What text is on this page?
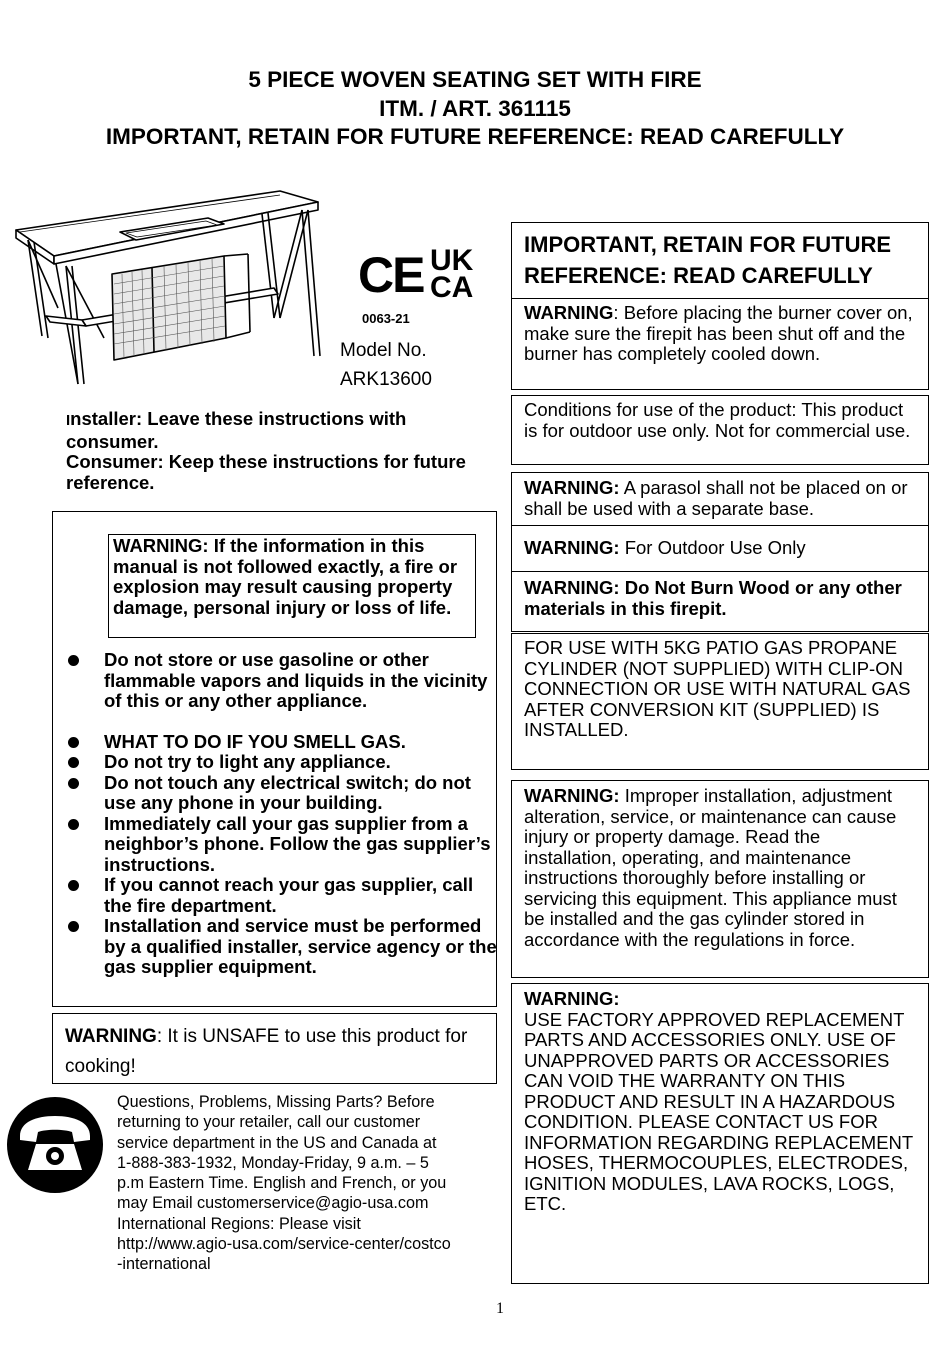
5 PIECE WOVEN SEATING SET WITH FIRE
ITM. / ART. 361115
IMPORTANT, RETAIN FOR FUTURE REFERENCE: READ CAREFULLY
CE UK
CA
0063-21
Model No.
ARK13600
Installer: Leave these instructions with consumer.
Consumer: Keep these instructions for future reference.
WARNING: If the information in this manual is not followed exactly, a fire or explosion may result causing property damage, personal injury or loss of life.
Do not store or use gasoline or other flammable vapors and liquids in the vicinity of this or any other appliance.
WHAT TO DO IF YOU SMELL GAS.
Do not try to light any appliance.
Do not touch any electrical switch; do not use any phone in your building.
Immediately call your gas supplier from a neighbor’s phone. Follow the gas supplier’s instructions.
If you cannot reach your gas supplier, call the fire department.
Installation and service must be performed by a qualified installer, service agency or the gas supplier equipment.
WARNING: It is UNSAFE to use this product for cooking!
Questions, Problems, Missing Parts? Before
returning to your retailer, call our customer
service department in the US and Canada at
1-888-383-1932, Monday-Friday, 9 a.m. – 5
p.m Eastern Time. English and French, or you
may Email customerservice@agio-usa.com
International Regions: Please visit
http://www.agio-usa.com/service-center/costco
-international
IMPORTANT, RETAIN FOR FUTURE REFERENCE: READ CAREFULLY
WARNING: Before placing the burner cover on, make sure the firepit has been shut off and the burner has completely cooled down.
Conditions for use of the product: This product is for outdoor use only. Not for commercial use.
WARNING: A parasol shall not be placed on or shall be used with a separate base.
WARNING: For Outdoor Use Only
WARNING: Do Not Burn Wood or any other materials in this firepit.
FOR USE WITH 5KG PATIO GAS PROPANE CYLINDER (NOT SUPPLIED) WITH CLIP-ON CONNECTION OR USE WITH NATURAL GAS AFTER CONVERSION KIT (SUPPLIED) IS INSTALLED.
WARNING: Improper installation, adjustment alteration, service, or maintenance can cause injury or property damage. Read the installation, operating, and maintenance instructions thoroughly before installing or servicing this equipment. This appliance must be installed and the gas cylinder stored in accordance with the regulations in force.
WARNING:
USE FACTORY APPROVED REPLACEMENT PARTS AND ACCESSORIES ONLY. USE OF UNAPPROVED PARTS OR ACCESSORIES CAN VOID THE WARRANTY ON THIS PRODUCT AND RESULT IN A HAZARDOUS CONDITION. PLEASE CONTACT US FOR INFORMATION REGARDING REPLACEMENT HOSES, THERMOCOUPLES, ELECTRODES, IGNITION MODULES, LAVA ROCKS, LOGS, ETC.
1
